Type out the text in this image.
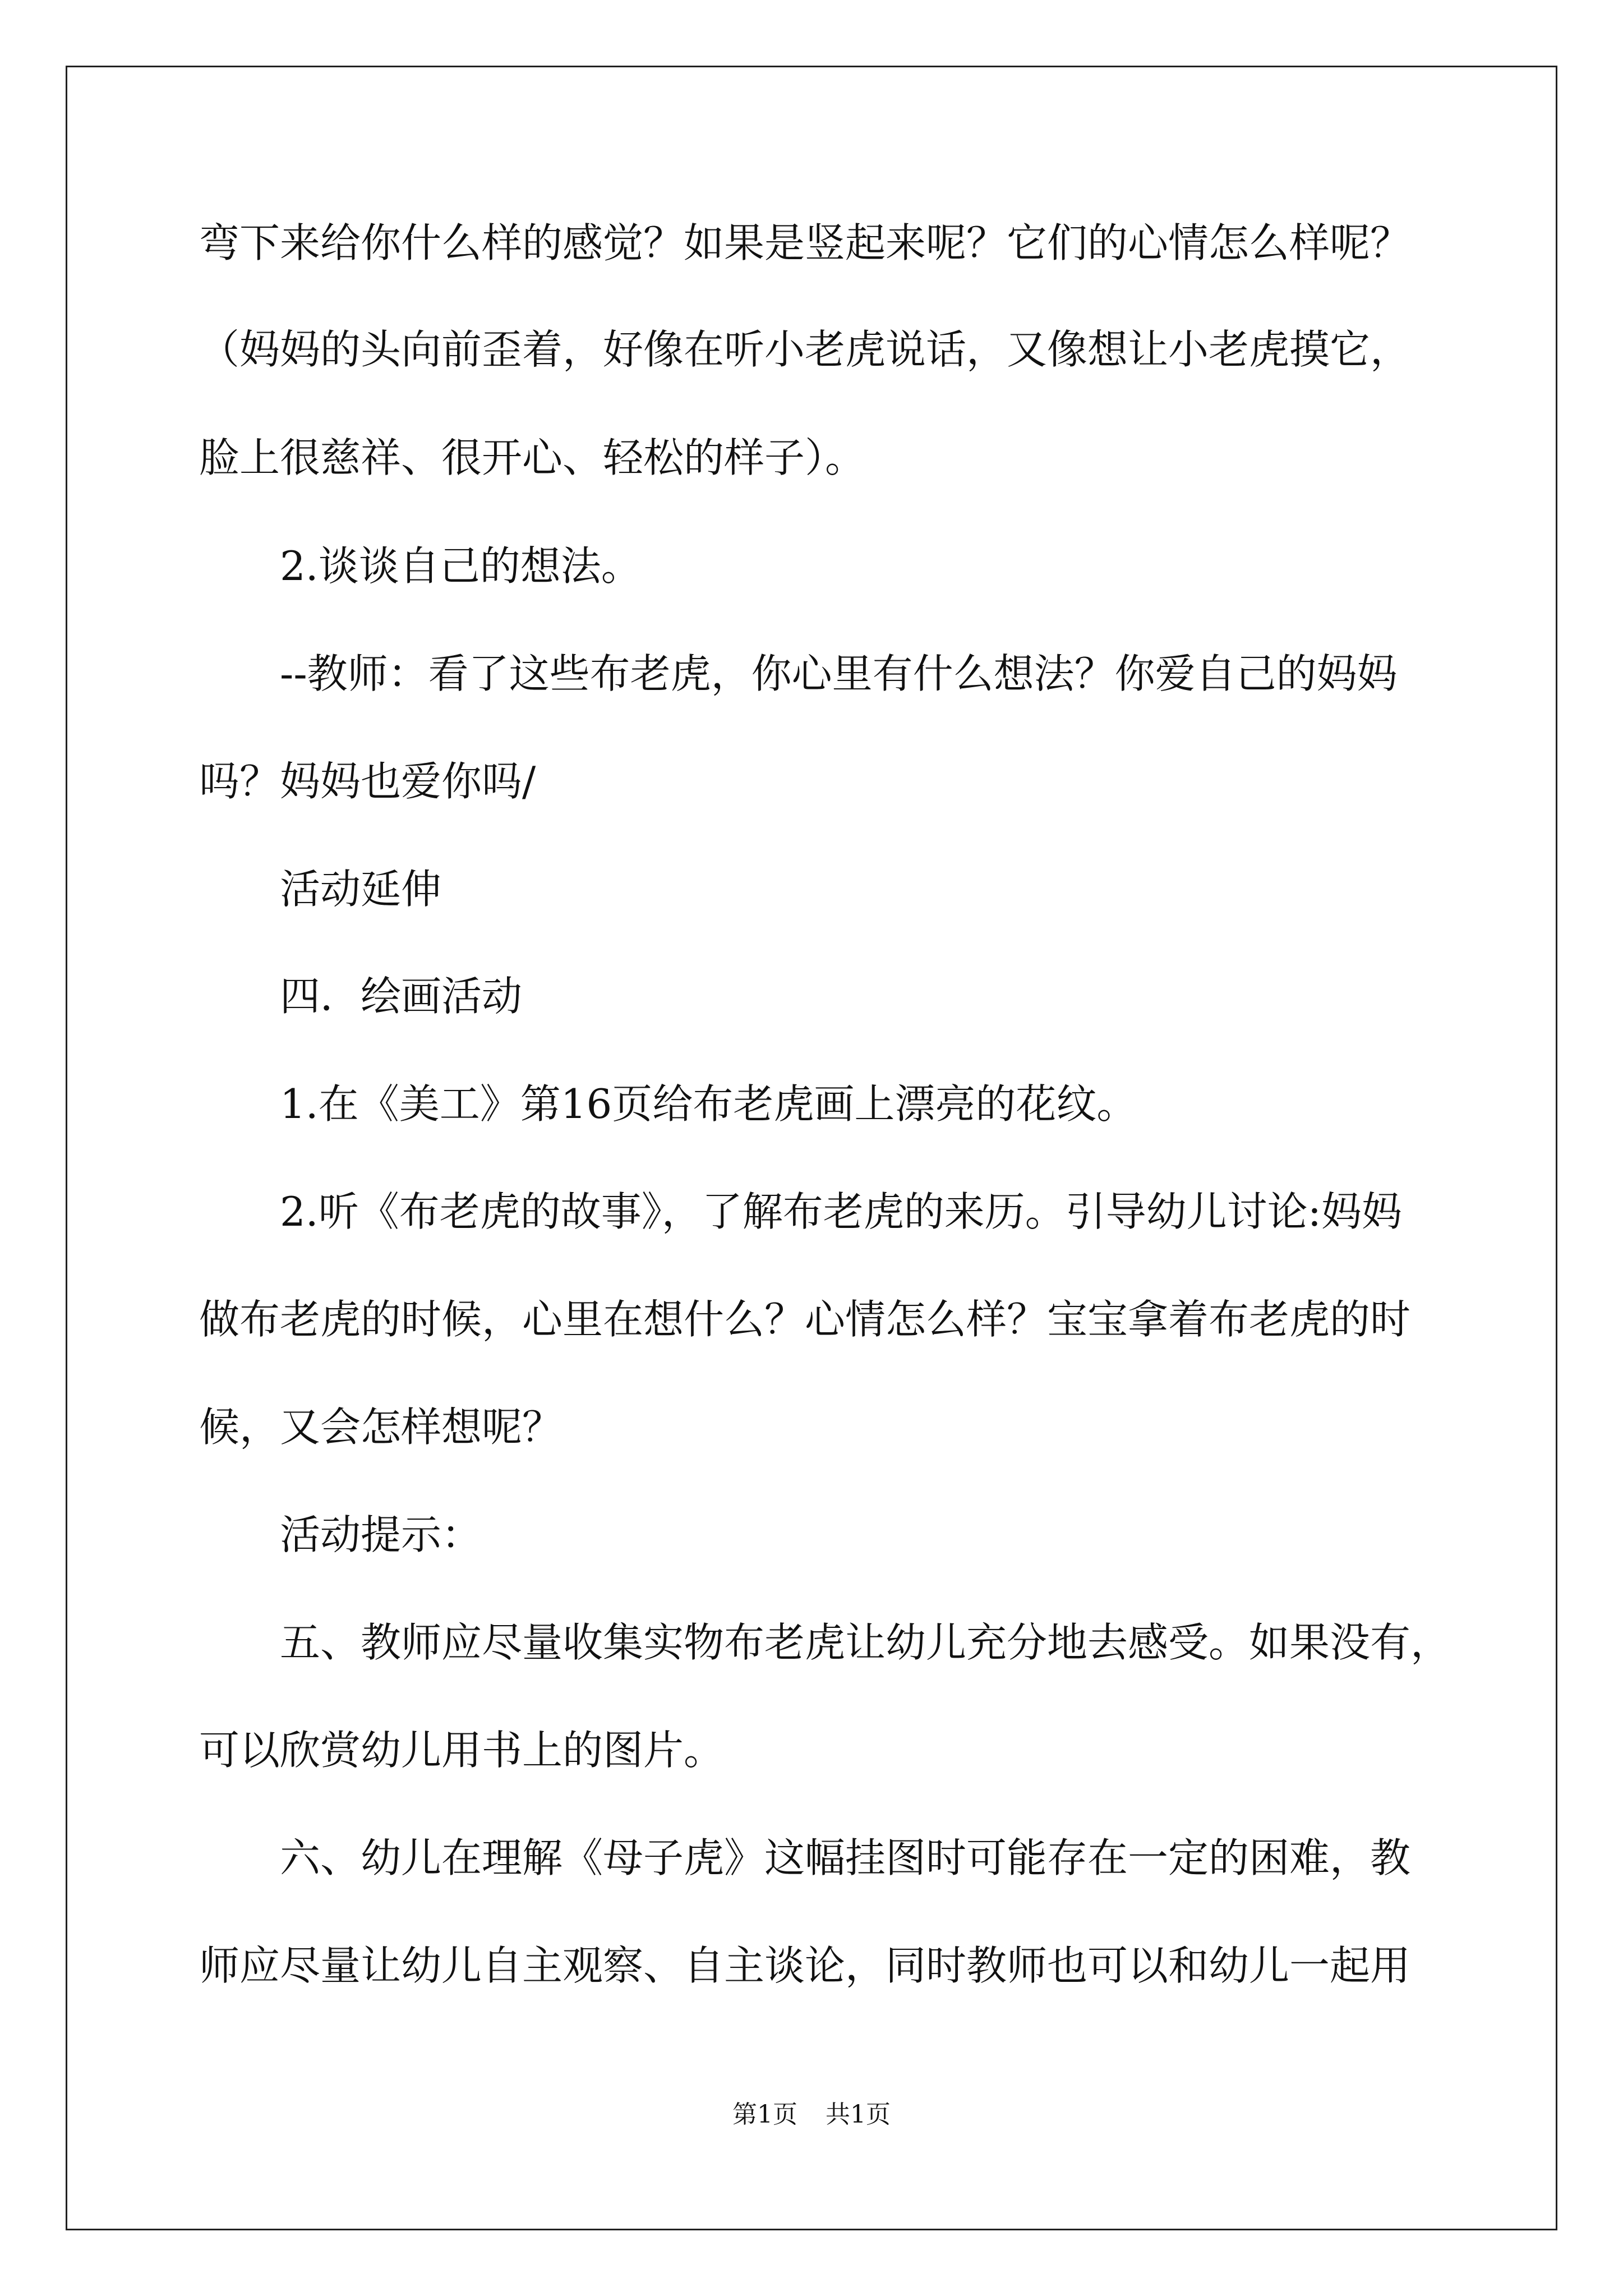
弯下来给你什么样的感觉？如果是竖起来呢？它们的心情怎么样呢？
（妈妈的头向前歪着，好像在听小老虎说话，又像想让小老虎摸它，
脸上很慈祥、很开心、轻松的样子）。
2.谈谈自己的想法。
--教师：看了这些布老虎，你心里有什么想法？你爱自己的妈妈
吗？妈妈也爱你吗/
活动延伸
四．绘画活动
1.在《美工》第16页给布老虎画上漂亮的花纹。
2.听《布老虎的故事》，了解布老虎的来历。引导幼儿讨论:妈妈
做布老虎的时候，心里在想什么？心情怎么样？宝宝拿着布老虎的时
候，又会怎样想呢？
活动提示：
五、教师应尽量收集实物布老虎让幼儿充分地去感受。如果没有，
可以欣赏幼儿用书上的图片。
六、幼儿在理解《母子虎》这幅挂图时可能存在一定的困难，教
师应尽量让幼儿自主观察、自主谈论，同时教师也可以和幼儿一起用
第1页 共1页
